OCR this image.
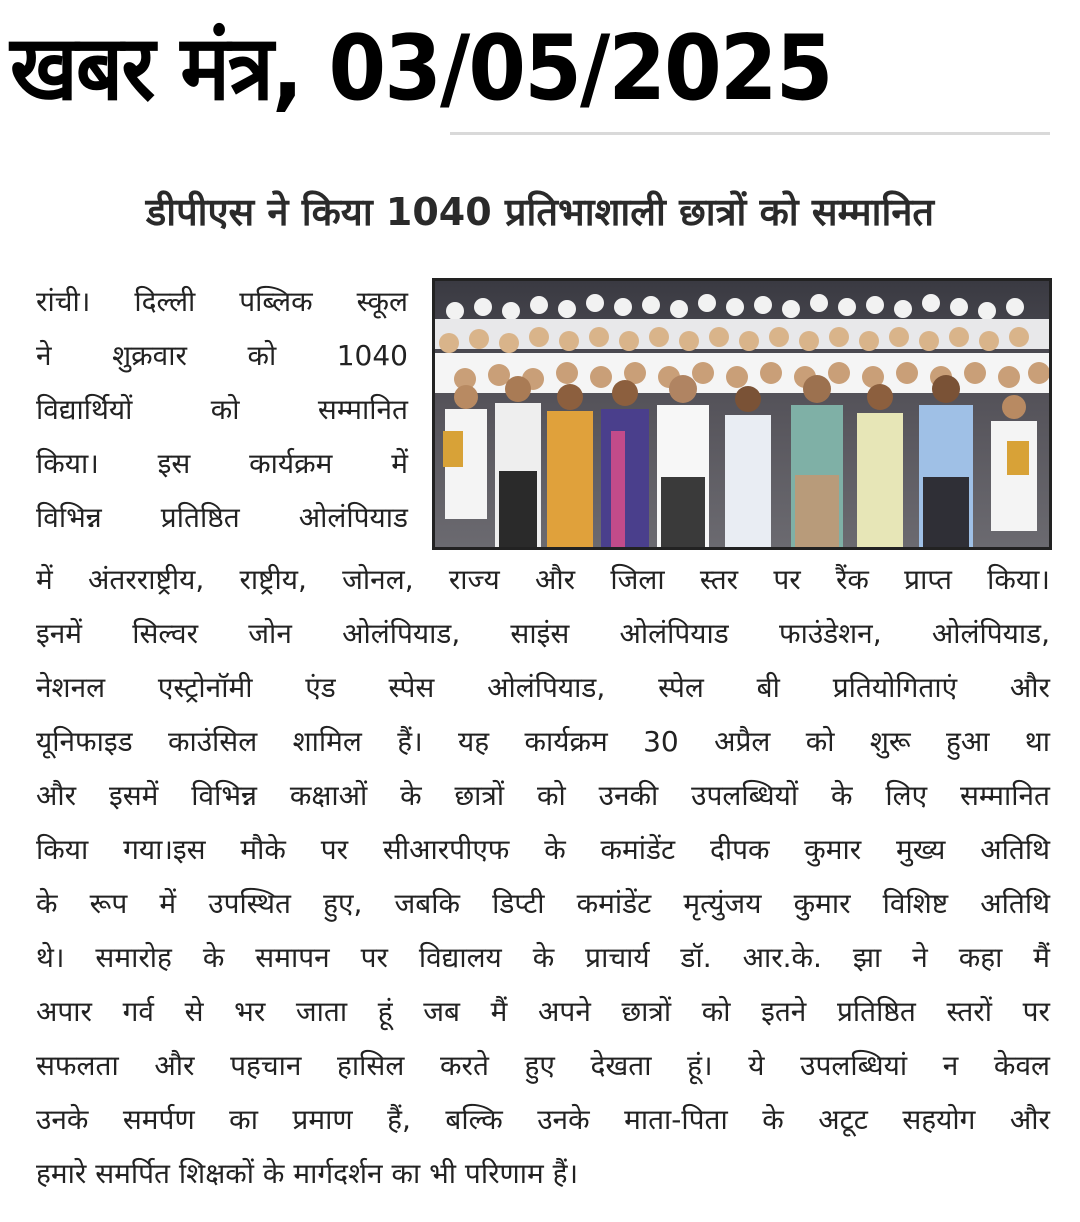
खबर मंत्र, 03/05/2025
डीपीएस ने किया 1040 प्रतिभाशाली छात्रों को सम्मानित
रांची। दिल्ली पब्लिक स्कूल
ने शुक्रवार को 1040
विद्यार्थियों को सम्मानित
किया। इस कार्यक्रम में
विभिन्न प्रतिष्ठित ओलंपियाड
में अंतरराष्ट्रीय, राष्ट्रीय, जोनल, राज्य और जिला स्तर पर रैंक प्राप्त किया।
इनमें सिल्वर जोन ओलंपियाड, साइंस ओलंपियाड फाउंडेशन, ओलंपियाड,
नेशनल एस्ट्रोनॉमी एंड स्पेस ओलंपियाड, स्पेल बी प्रतियोगिताएं और
यूनिफाइड काउंसिल शामिल हैं। यह कार्यक्रम 30 अप्रैल को शुरू हुआ था
और इसमें विभिन्न कक्षाओं के छात्रों को उनकी उपलब्धियों के लिए सम्मानित
किया गया।इस मौके पर सीआरपीएफ के कमांडेंट दीपक कुमार मुख्य अतिथि
के रूप में उपस्थित हुए, जबकि डिप्टी कमांडेंट मृत्युंजय कुमार विशिष्ट अतिथि
थे। समारोह के समापन पर विद्यालय के प्राचार्य डॉ. आर.के. झा ने कहा मैं
अपार गर्व से भर जाता हूं जब मैं अपने छात्रों को इतने प्रतिष्ठित स्तरों पर
सफलता और पहचान हासिल करते हुए देखता हूं। ये उपलब्धियां न केवल
उनके समर्पण का प्रमाण हैं, बल्कि उनके माता-पिता के अटूट सहयोग और
हमारे समर्पित शिक्षकों के मार्गदर्शन का भी परिणाम हैं।
